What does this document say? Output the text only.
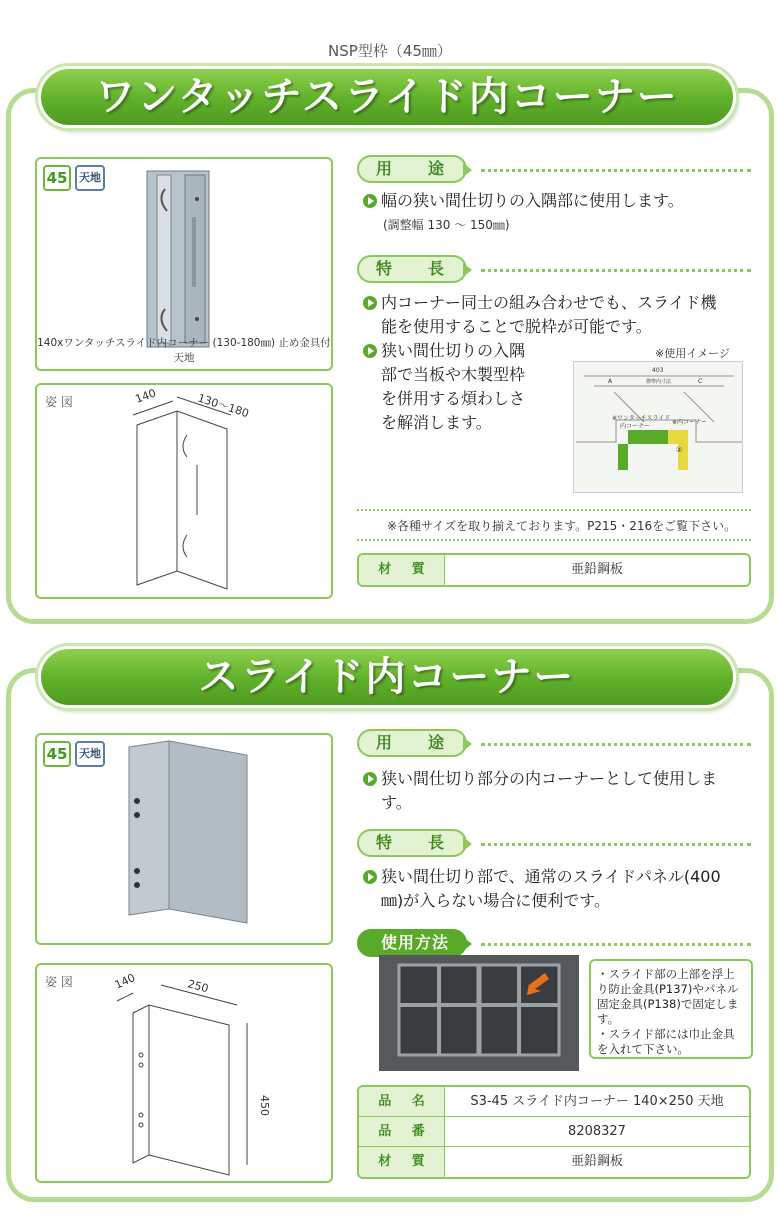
NSP型枠（45㎜）
45	天地
140xワンタッチスライド内コーナー (130-180㎜) 止め金具付　天地
姿 図	140	130～180
用　途
幅の狭い間仕切りの入隅部に使用します。
(調整幅 130 ～ 150㎜)
特　長
内コーナー同士の組み合わせでも、スライド機
能を使用することで脱枠が可能です。
狭い間仕切りの入隅
部で当板や木製型枠
を併用する煩わしさ
を解消します。
※使用イメージ
403
標準内寸法
A	C
※ワンタッチスライド
内コーナー
※内コーナー
②
※各種サイズを取り揃えております。P215・216をご覧下さい。
材 質	亜鉛鋼板
ワンタッチスライド内コーナー
45	天地
姿 図	140	250
450
用　途
狭い間仕切り部分の内コーナーとして使用しま
す。
特　長
狭い間仕切り部で、通常のスライドパネル(400
㎜)が入らない場合に便利です。
使用方法
・スライド部の上部を浮上り防止金具(P137)やパネル固定金具(P138)で固定します。
・スライド部には巾止金具を入れて下さい。
品 名	S3-45 スライド内コーナー 140×250 天地
品 番	8208327
材 質	亜鉛鋼板
スライド内コーナー
